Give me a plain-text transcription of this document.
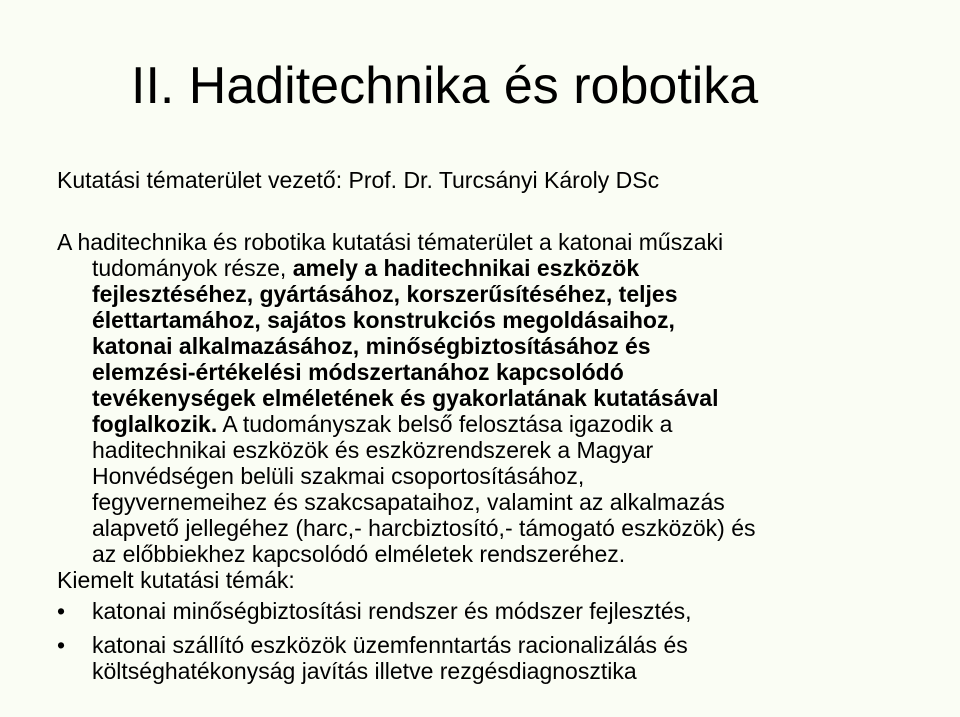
II. Haditechnika és robotika
Kutatási tématerület vezető: Prof. Dr. Turcsányi Károly DSc
A haditechnika és robotika kutatási tématerület a katonai műszaki
tudományok része, amely a haditechnikai eszközök
fejlesztéséhez, gyártásához, korszerűsítéséhez, teljes
élettartamához, sajátos konstrukciós megoldásaihoz,
katonai alkalmazásához, minőségbiztosításához és
elemzési-értékelési módszertanához kapcsolódó
tevékenységek elméletének és gyakorlatának kutatásával
foglalkozik. A tudományszak belső felosztása igazodik a
haditechnikai eszközök és eszközrendszerek a Magyar
Honvédségen belüli szakmai csoportosításához,
fegyvernemeihez és szakcsapataihoz, valamint az alkalmazás
alapvető jellegéhez (harc,- harcbiztosító,- támogató eszközök) és
az előbbiekhez kapcsolódó elméletek rendszeréhez.
Kiemelt kutatási témák:
•	katonai minőségbiztosítási rendszer és módszer fejlesztés,
•	katonai szállító eszközök üzemfenntartás racionalizálás és
költséghatékonyság javítás illetve rezgésdiagnosztika
